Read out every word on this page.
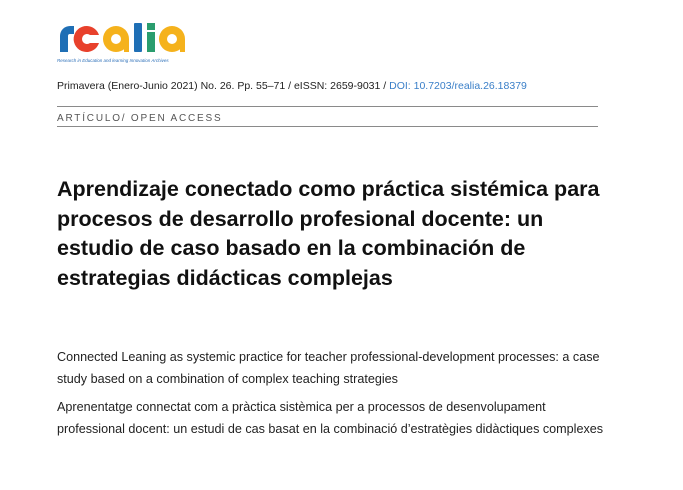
Research in Education and learning Innovation Archives
Primavera (Enero-Junio 2021) No. 26. Pp. 55–71 / eISSN: 2659-9031 / DOI: 10.7203/realia.26.18379
ARTÍCULO/ OPEN ACCESS
Aprendizaje conectado como práctica sistémica para procesos de desarrollo profesional docente: un estudio de caso basado en la combinación de estrategias didácticas complejas

Connected Leaning as systemic practice for teacher professional-development processes: a case study based on a combination of complex teaching strategies

Aprenentatge connectat com a pràctica sistèmica per a processos de desenvolupament professional docent: un estudi de cas basat en la combinació d’estratègies didàctiques complexes
